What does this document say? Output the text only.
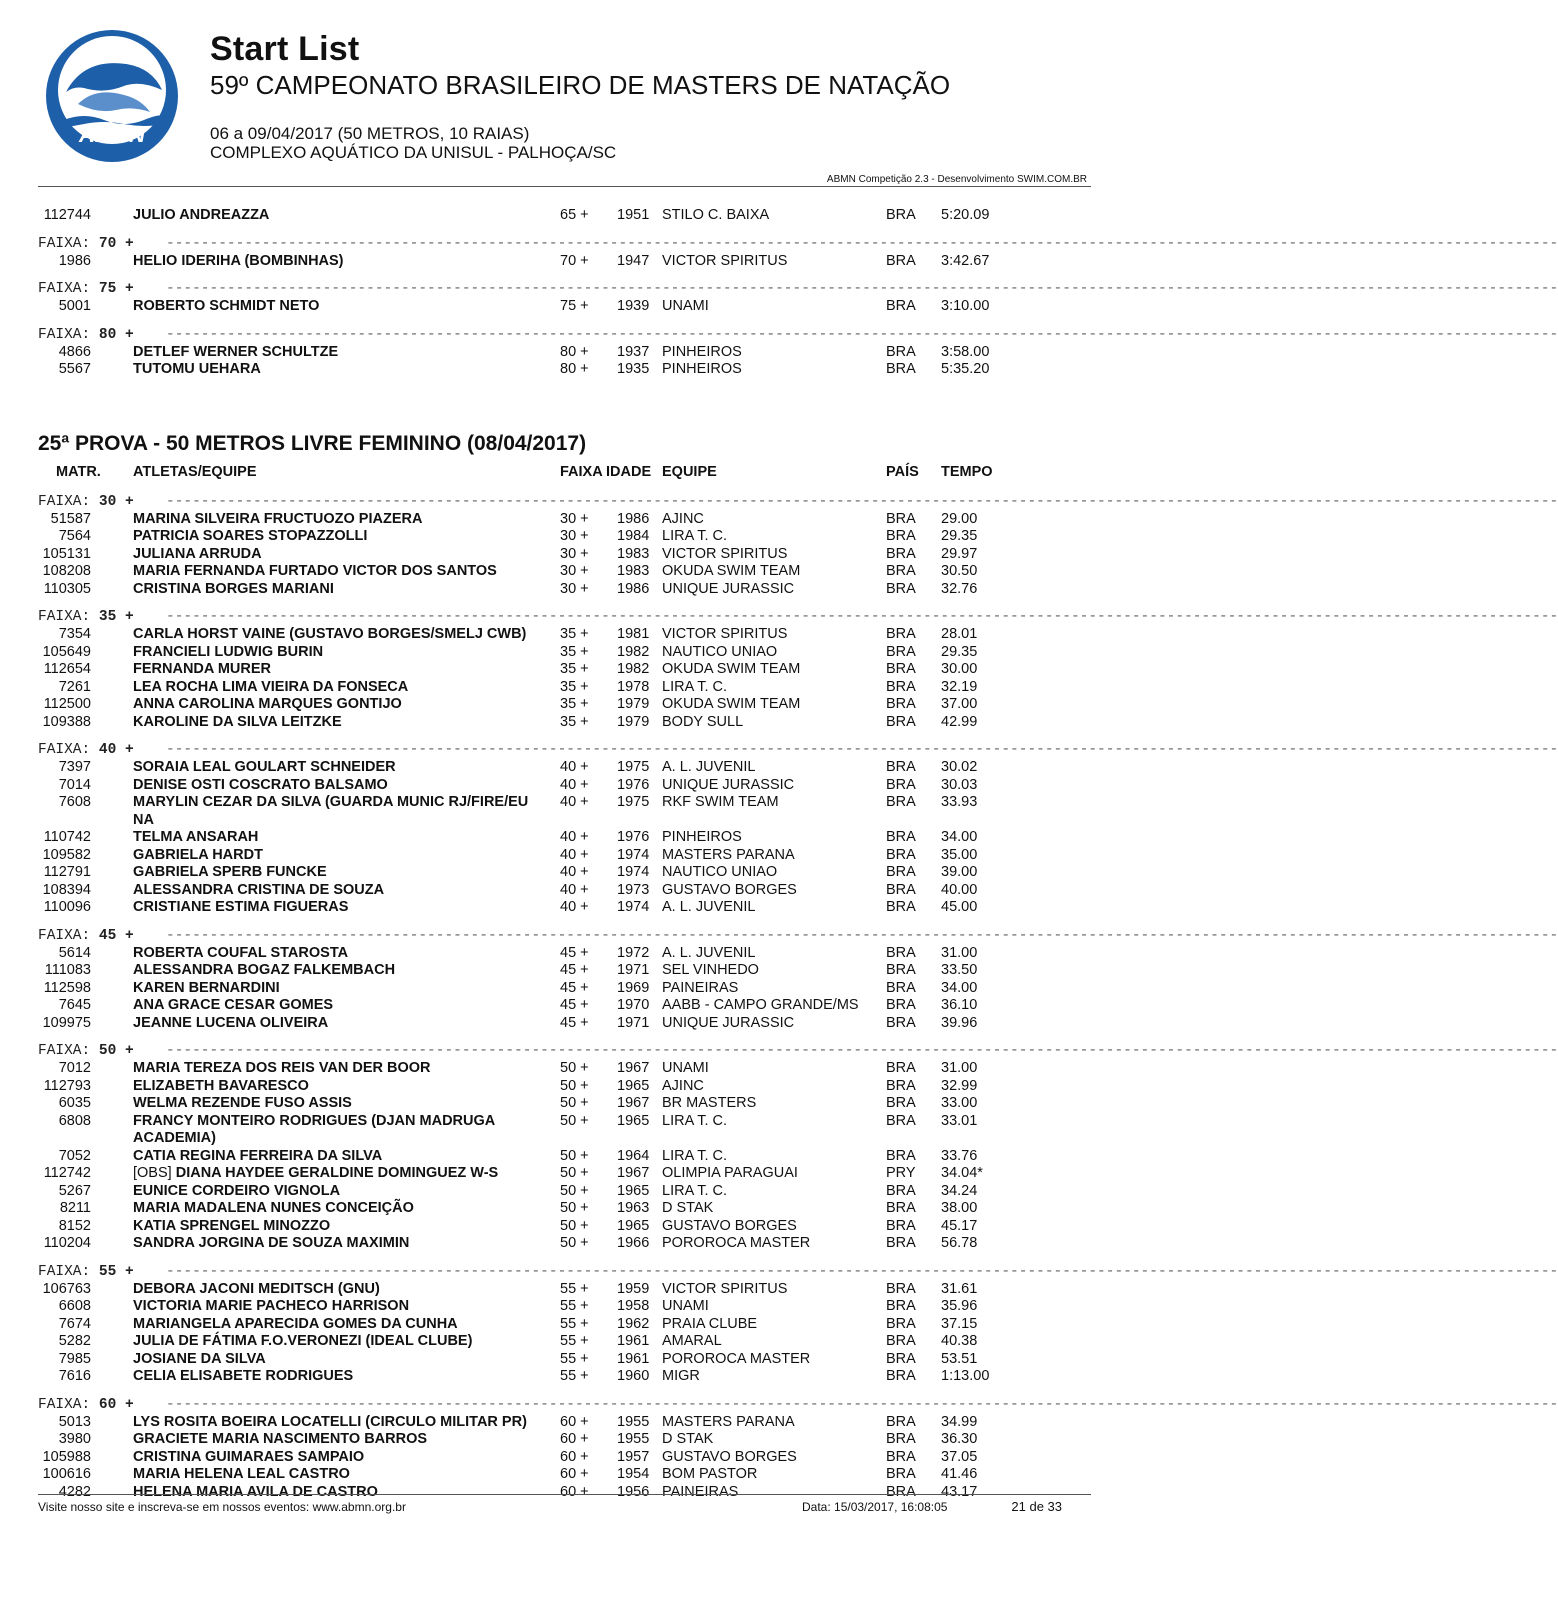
ABMN
Start List
59º CAMPEONATO BRASILEIRO DE MASTERS DE NATAÇÃO
06 a 09/04/2017 (50 METROS, 10 RAIAS)
COMPLEXO AQUÁTICO DA UNISUL - PALHOÇA/SC
ABMN Competição 2.3 - Desenvolvimento SWIM.COM.BR
112744	JULIO ANDREAZZA	65 + 1951 STILO C. BAIXA	BRA 5:20.09
FAIXA: 70 + ----------------------------------------------------------------------------------------------------------------------------------------------------------------
1986	HELIO IDERIHA (BOMBINHAS)	70 + 1947 VICTOR SPIRITUS	BRA 3:42.67
FAIXA: 75 + ----------------------------------------------------------------------------------------------------------------------------------------------------------------
5001	ROBERTO SCHMIDT NETO	75 + 1939 UNAMI	BRA 3:10.00
FAIXA: 80 + ----------------------------------------------------------------------------------------------------------------------------------------------------------------
4866	DETLEF WERNER SCHULTZE	80 + 1937 PINHEIROS	BRA 3:58.00
5567	TUTOMU UEHARA	80 + 1935 PINHEIROS	BRA 5:35.20
25ª PROVA - 50 METROS LIVRE FEMININO (08/04/2017)
MATR. ATLETAS/EQUIPE	FAIXA IDADE EQUIPE	PAÍS TEMPO
FAIXA: 30 + ----------------------------------------------------------------------------------------------------------------------------------------------------------------
51587	MARINA SILVEIRA FRUCTUOZO PIAZERA	30 + 1986 AJINC	BRA 29.00
7564	PATRICIA SOARES STOPAZZOLLI	30 + 1984 LIRA T. C.	BRA 29.35
105131	JULIANA ARRUDA	30 + 1983 VICTOR SPIRITUS	BRA 29.97
108208	MARIA FERNANDA FURTADO VICTOR DOS SANTOS	30 + 1983 OKUDA SWIM TEAM	BRA 30.50
110305	CRISTINA BORGES MARIANI	30 + 1986 UNIQUE JURASSIC	BRA 32.76
FAIXA: 35 + ----------------------------------------------------------------------------------------------------------------------------------------------------------------
7354	CARLA HORST VAINE (GUSTAVO BORGES/SMELJ CWB) 35 + 1981 VICTOR SPIRITUS	BRA 28.01
105649	FRANCIELI LUDWIG BURIN	35 + 1982 NAUTICO UNIAO	BRA 29.35
112654	FERNANDA MURER	35 + 1982 OKUDA SWIM TEAM	BRA 30.00
7261	LEA ROCHA LIMA VIEIRA DA FONSECA	35 + 1978 LIRA T. C.	BRA 32.19
112500	ANNA CAROLINA MARQUES GONTIJO	35 + 1979 OKUDA SWIM TEAM	BRA 37.00
109388	KAROLINE DA SILVA LEITZKE	35 + 1979 BODY SULL	BRA 42.99
FAIXA: 40 + ----------------------------------------------------------------------------------------------------------------------------------------------------------------
7397	SORAIA LEAL GOULART SCHNEIDER	40 + 1975 A. L. JUVENIL	BRA 30.02
7014	DENISE OSTI COSCRATO BALSAMO	40 + 1976 UNIQUE JURASSIC	BRA 30.03
7608	MARYLIN CEZAR DA SILVA (GUARDA MUNIC RJ/FIRE/EU 40 + 1975 RKF SWIM TEAM	BRA 33.93
NA
110742	TELMA ANSARAH	40 + 1976 PINHEIROS	BRA 34.00
109582	GABRIELA HARDT	40 + 1974 MASTERS PARANA	BRA 35.00
112791	GABRIELA SPERB FUNCKE	40 + 1974 NAUTICO UNIAO	BRA 39.00
108394	ALESSANDRA CRISTINA DE SOUZA	40 + 1973 GUSTAVO BORGES	BRA 40.00
110096	CRISTIANE ESTIMA FIGUERAS	40 + 1974 A. L. JUVENIL	BRA 45.00
FAIXA: 45 + ----------------------------------------------------------------------------------------------------------------------------------------------------------------
5614	ROBERTA COUFAL STAROSTA	45 + 1972 A. L. JUVENIL	BRA 31.00
111083	ALESSANDRA BOGAZ FALKEMBACH	45 + 1971 SEL VINHEDO	BRA 33.50
112598	KAREN BERNARDINI	45 + 1969 PAINEIRAS	BRA 34.00
7645	ANA GRACE CESAR GOMES	45 + 1970 AABB - CAMPO GRANDE/MS BRA 36.10
109975	JEANNE LUCENA OLIVEIRA	45 + 1971 UNIQUE JURASSIC	BRA 39.96
FAIXA: 50 + ----------------------------------------------------------------------------------------------------------------------------------------------------------------
7012	MARIA TEREZA DOS REIS VAN DER BOOR	50 + 1967 UNAMI	BRA 31.00
112793	ELIZABETH BAVARESCO	50 + 1965 AJINC	BRA 32.99
6035	WELMA REZENDE FUSO ASSIS	50 + 1967 BR MASTERS	BRA 33.00
6808	FRANCY MONTEIRO RODRIGUES (DJAN MADRUGA	50 + 1965 LIRA T. C.	BRA 33.01
ACADEMIA)
7052	CATIA REGINA FERREIRA DA SILVA	50 + 1964 LIRA T. C.	BRA 33.76
112742	[OBS] DIANA HAYDEE GERALDINE DOMINGUEZ W-S	50 + 1967 OLIMPIA PARAGUAI	PRY 34.04*
5267	EUNICE CORDEIRO VIGNOLA	50 + 1965 LIRA T. C.	BRA 34.24
8211	MARIA MADALENA NUNES CONCEIÇÃO	50 + 1963 D STAK	BRA 38.00
8152	KATIA SPRENGEL MINOZZO	50 + 1965 GUSTAVO BORGES	BRA 45.17
110204	SANDRA JORGINA DE SOUZA MAXIMIN	50 + 1966 POROROCA MASTER	BRA 56.78
FAIXA: 55 + ----------------------------------------------------------------------------------------------------------------------------------------------------------------
106763	DEBORA JACONI MEDITSCH (GNU)	55 + 1959 VICTOR SPIRITUS	BRA 31.61
6608	VICTORIA MARIE PACHECO HARRISON	55 + 1958 UNAMI	BRA 35.96
7674	MARIANGELA APARECIDA GOMES DA CUNHA	55 + 1962 PRAIA CLUBE	BRA 37.15
5282	JULIA DE FÁTIMA F.O.VERONEZI (IDEAL CLUBE)	55 + 1961 AMARAL	BRA 40.38
7985	JOSIANE DA SILVA	55 + 1961 POROROCA MASTER	BRA 53.51
7616	CELIA ELISABETE RODRIGUES	55 + 1960 MIGR	BRA 1:13.00
FAIXA: 60 + ----------------------------------------------------------------------------------------------------------------------------------------------------------------
5013	LYS ROSITA BOEIRA LOCATELLI (CIRCULO MILITAR PR) 60 + 1955 MASTERS PARANA	BRA 34.99
3980	GRACIETE MARIA NASCIMENTO BARROS	60 + 1955 D STAK	BRA 36.30
105988	CRISTINA GUIMARAES SAMPAIO	60 + 1957 GUSTAVO BORGES	BRA 37.05
100616	MARIA HELENA LEAL CASTRO	60 + 1954 BOM PASTOR	BRA 41.46
4282	HELENA MARIA AVILA DE CASTRO	60 + 1956 PAINEIRAS	BRA 43.17
Visite nosso site e inscreva-se em nossos eventos: www.abmn.org.br	Data: 15/03/2017, 16:08:05	21 de 33
